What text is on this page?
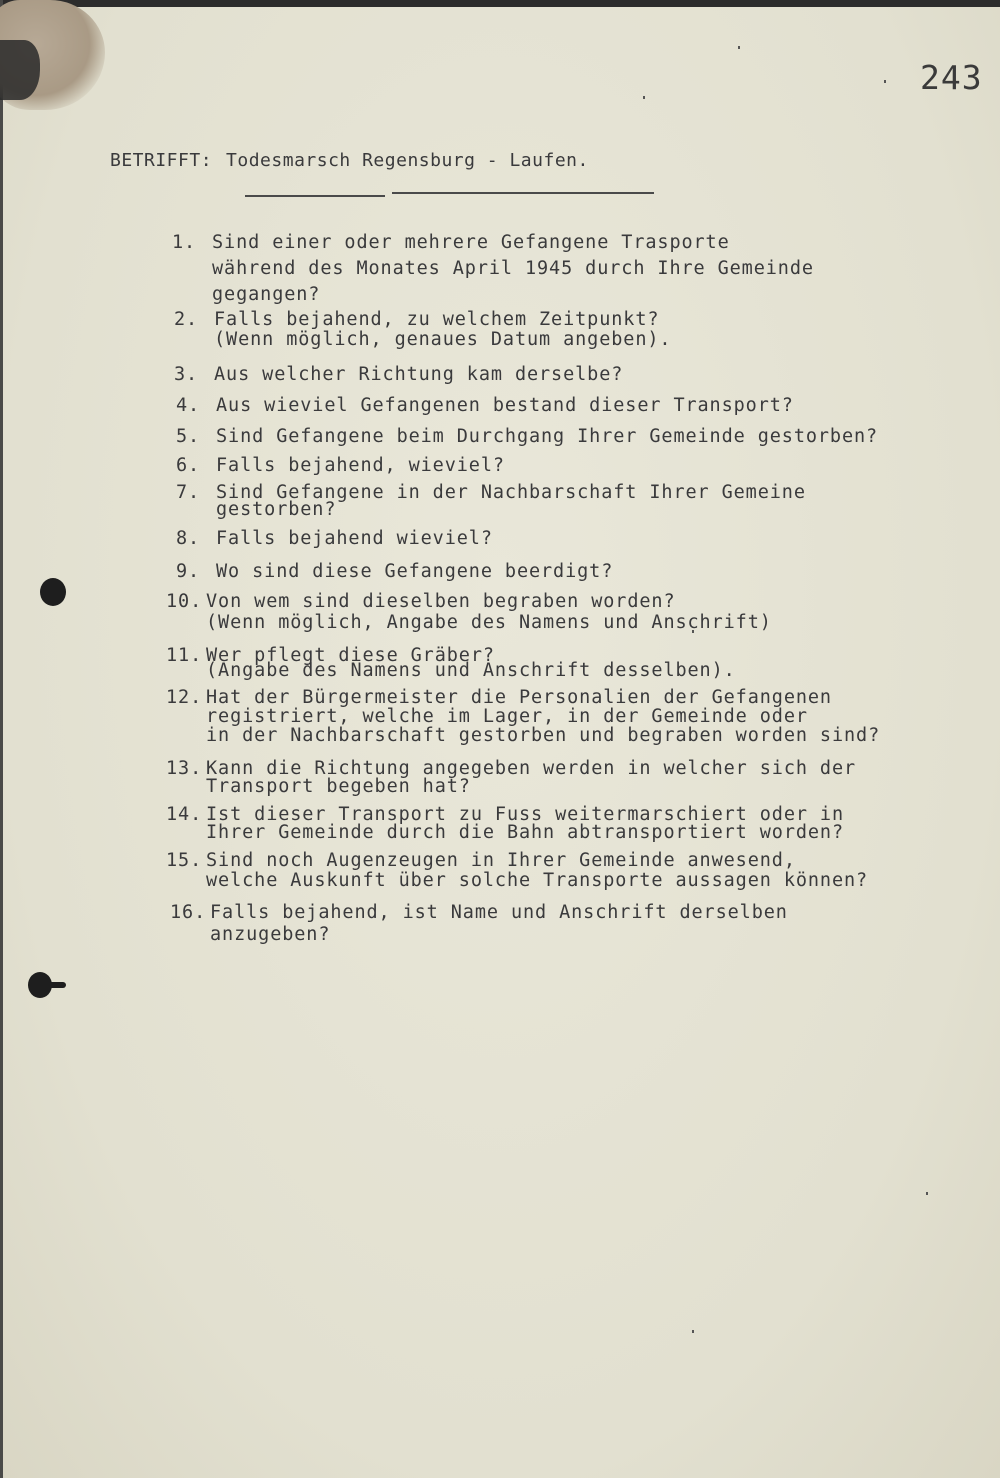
243
BETRIFFT: Todesmarsch Regensburg - Laufen.
1. Sind einer oder mehrere Gefangene Trasporte
während des Monates April 1945 durch Ihre Gemeinde
gegangen?
2. Falls bejahend, zu welchem Zeitpunkt?
(Wenn möglich, genaues Datum angeben).
3. Aus welcher Richtung kam derselbe?
4. Aus wieviel Gefangenen bestand dieser Transport?
5. Sind Gefangene beim Durchgang Ihrer Gemeinde gestorben?
6. Falls bejahend, wieviel?
7. Sind Gefangene in der Nachbarschaft Ihrer Gemeine
gestorben?
8. Falls bejahend wieviel?
9. Wo sind diese Gefangene beerdigt?
10. Von wem sind dieselben begraben worden?
(Wenn möglich, Angabe des Namens und Anschrift)
11. Wer pflegt diese Gräber?
(Angabe des Namens und Anschrift desselben).
12. Hat der Bürgermeister die Personalien der Gefangenen
registriert, welche im Lager, in der Gemeinde oder
in der Nachbarschaft gestorben und begraben worden sind?
13. Kann die Richtung angegeben werden in welcher sich der
Transport begeben hat?
14. Ist dieser Transport zu Fuss weitermarschiert oder in
Ihrer Gemeinde durch die Bahn abtransportiert worden?
15. Sind noch Augenzeugen in Ihrer Gemeinde anwesend,
welche Auskunft über solche Transporte aussagen können?
16. Falls bejahend, ist Name und Anschrift derselben
anzugeben?
